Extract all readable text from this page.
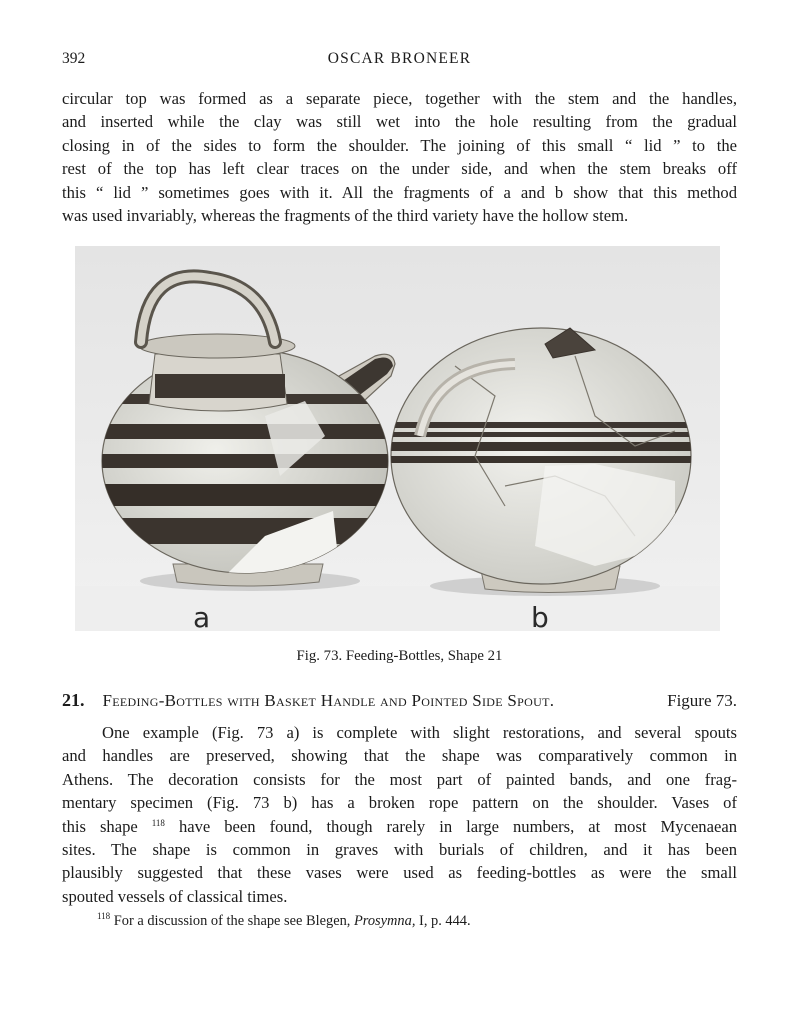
392	OSCAR BRONEER
circular top was formed as a separate piece, together with the stem and the handles,
and inserted while the clay was still wet into the hole resulting from the gradual
closing in of the sides to form the shoulder. The joining of this small “ lid ” to the
rest of the top has left clear traces on the under side, and when the stem breaks off
this “ lid ” sometimes goes with it. All the fragments of a and b show that this method
was used invariably, whereas the fragments of the third variety have the hollow stem.
a	b
Fig. 73. Feeding-Bottles, Shape 21
21. Feeding-Bottles with Basket Handle and Pointed Side Spout.	Figure 73.
One example (Fig. 73 a) is complete with slight restorations, and several spouts
and handles are preserved, showing that the shape was comparatively common in
Athens. The decoration consists for the most part of painted bands, and one frag-
mentary specimen (Fig. 73 b) has a broken rope pattern on the shoulder. Vases of
this shape $^{118}$ have been found, though rarely in large numbers, at most Mycenaean
sites. The shape is common in graves with burials of children, and it has been
plausibly suggested that these vases were used as feeding-bottles as were the small
spouted vessels of classical times.
$^{118}$ For a discussion of the shape see Blegen, Prosymna, I, p. 444.
